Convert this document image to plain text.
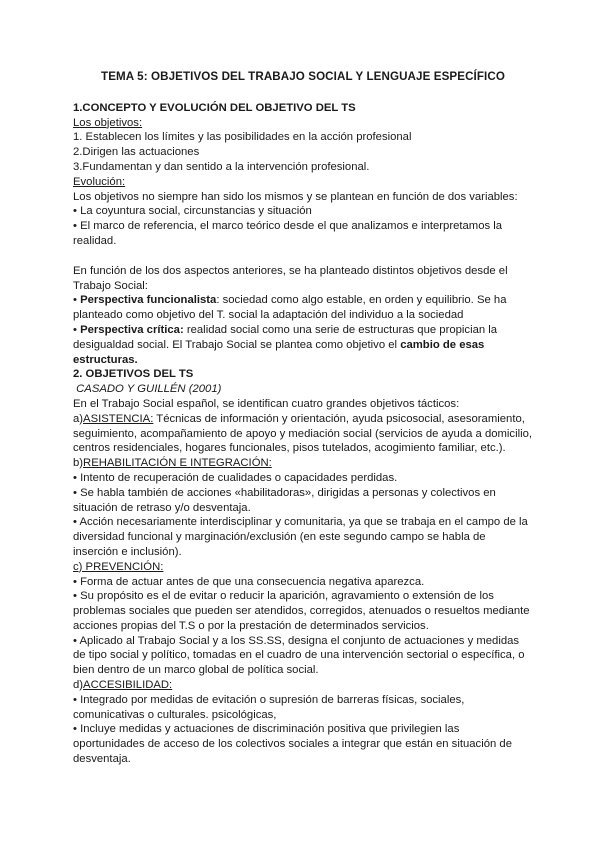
TEMA 5: OBJETIVOS DEL TRABAJO SOCIAL Y LENGUAJE ESPECÍFICO
1.CONCEPTO Y EVOLUCIÓN DEL OBJETIVO DEL TS
Los objetivos:
1. Establecen los límites y las posibilidades en la acción profesional
2.Dirigen las actuaciones
3.Fundamentan y dan sentido a la intervención profesional.
Evolución:
Los objetivos no siempre han sido los mismos y se plantean en función de dos variables:
• La coyuntura social, circunstancias y situación
• El marco de referencia, el marco teórico desde el que analizamos e interpretamos la realidad.
En función de los dos aspectos anteriores, se ha planteado distintos objetivos desde el Trabajo Social:
• Perspectiva funcionalista: sociedad como algo estable, en orden y equilibrio. Se ha planteado como objetivo del T. social la adaptación del individuo a la sociedad
• Perspectiva crítica: realidad social como una serie de estructuras que propician la desigualdad social. El Trabajo Social se plantea como objetivo el cambio de esas estructuras.
2. OBJETIVOS DEL TS
CASADO Y GUILLÉN (2001)
En el Trabajo Social español, se identifican cuatro grandes objetivos tácticos:
a)ASISTENCIA: Técnicas de información y orientación, ayuda psicosocial, asesoramiento, seguimiento, acompañamiento de apoyo y mediación social (servicios de ayuda a domicilio, centros residenciales, hogares funcionales, pisos tutelados, acogimiento familiar, etc.).
b)REHABILITACIÓN E INTEGRACIÓN:
• Intento de recuperación de cualidades o capacidades perdidas.
• Se habla también de acciones «habilitadoras», dirigidas a personas y colectivos en situación de retraso y/o desventaja.
• Acción necesariamente interdisciplinar y comunitaria, ya que se trabaja en el campo de la diversidad funcional y marginación/exclusión (en este segundo campo se habla de inserción e inclusión).
c) PREVENCIÓN:
• Forma de actuar antes de que una consecuencia negativa aparezca.
• Su propósito es el de evitar o reducir la aparición, agravamiento o extensión de los problemas sociales que pueden ser atendidos, corregidos, atenuados o resueltos mediante acciones propias del T.S o por la prestación de determinados servicios.
• Aplicado al Trabajo Social y a los SS.SS, designa el conjunto de actuaciones y medidas de tipo social y político, tomadas en el cuadro de una intervención sectorial o específica, o bien dentro de un marco global de política social.
d)ACCESIBILIDAD:
• Integrado por medidas de evitación o supresión de barreras físicas, sociales, comunicativas o culturales. psicológicas,
• Incluye medidas y actuaciones de discriminación positiva que privilegien las oportunidades de acceso de los colectivos sociales a integrar que están en situación de desventaja.
